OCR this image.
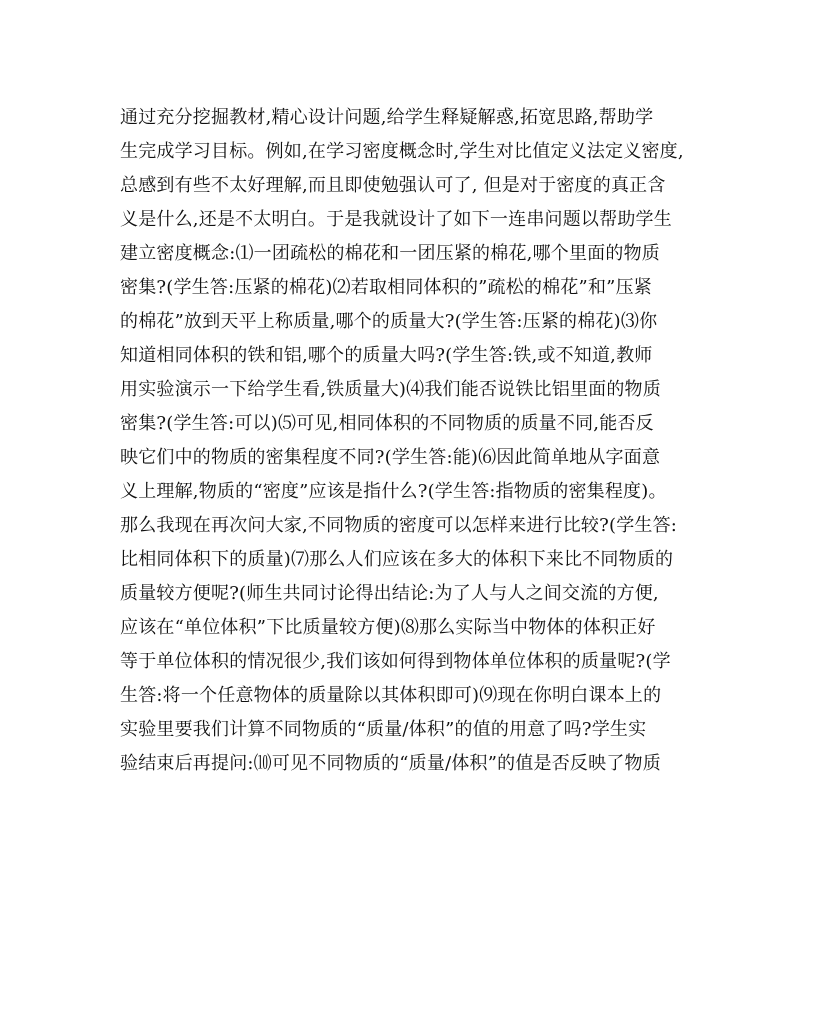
通过充分挖掘教材,精心设计问题,给学生释疑解惑,拓宽思路,帮助学
生完成学习目标。例如,在学习密度概念时,学生对比值定义法定义密度,
总感到有些不太好理解,而且即使勉强认可了, 但是对于密度的真正含
义是什么,还是不太明白。于是我就设计了如下一连串问题以帮助学生
建立密度概念:⑴一团疏松的棉花和一团压紧的棉花,哪个里面的物质
密集?(学生答:压紧的棉花)⑵若取相同体积的”疏松的棉花”和”压紧
的棉花”放到天平上称质量,哪个的质量大?(学生答:压紧的棉花)⑶你
知道相同体积的铁和铝,哪个的质量大吗?(学生答:铁,或不知道,教师
用实验演示一下给学生看,铁质量大)⑷我们能否说铁比铝里面的物质
密集?(学生答:可以)⑸可见,相同体积的不同物质的质量不同,能否反
映它们中的物质的密集程度不同?(学生答:能)⑹因此简单地从字面意
义上理解,物质的“密度”应该是指什么?(学生答:指物质的密集程度)。
那么我现在再次问大家,不同物质的密度可以怎样来进行比较?(学生答:
比相同体积下的质量)⑺那么人们应该在多大的体积下来比不同物质的
质量较方便呢?(师生共同讨论得出结论:为了人与人之间交流的方便,
应该在“单位体积”下比质量较方便)⑻那么实际当中物体的体积正好
等于单位体积的情况很少,我们该如何得到物体单位体积的质量呢?(学
生答:将一个任意物体的质量除以其体积即可)⑼现在你明白课本上的
实验里要我们计算不同物质的“质量/体积”的值的用意了吗?学生实
验结束后再提问:⑽可见不同物质的“质量/体积”的值是否反映了物质
